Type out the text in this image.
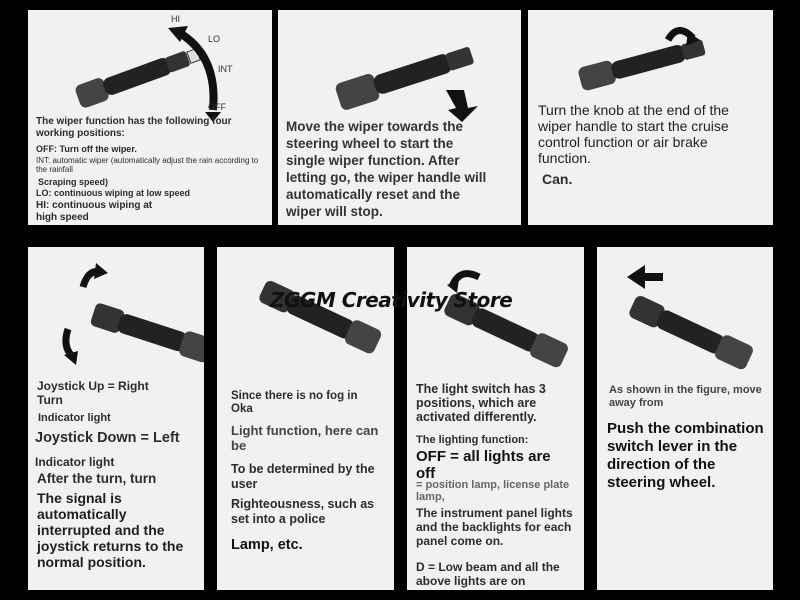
HI
LO
INT
OFF
The wiper function has the following four working positions:
OFF: Turn off the wiper.
INT: automatic wiper (automatically adjust the rain according to the rainfall
Scraping speed)
LO: continuous wiping at low speed
HI: continuous wiping at high speed
Move the wiper towards the steering wheel to start the single wiper function. After letting go, the wiper handle will automatically reset and the wiper will stop.
Turn the knob at the end of the wiper handle to start the cruise control function or air brake function.
Can.
Joystick Up = Right Turn
Indicator light
Joystick Down = Left
Indicator light
After the turn, turn
The signal is automatically interrupted and the joystick returns to the normal position.
Since there is no fog in Oka
Light function, here can be
To be determined by the user
Righteousness, such as set into a police
Lamp, etc.
The light switch has 3 positions, which are activated differently.
The lighting function:
OFF = all lights are off
= position lamp, license plate lamp,
The instrument panel lights and the backlights for each panel come on.
D = Low beam and all the above lights are on
As shown in the figure, move away from
Push the combination switch lever in the direction of the steering wheel.
ZGGM Creativity Store
